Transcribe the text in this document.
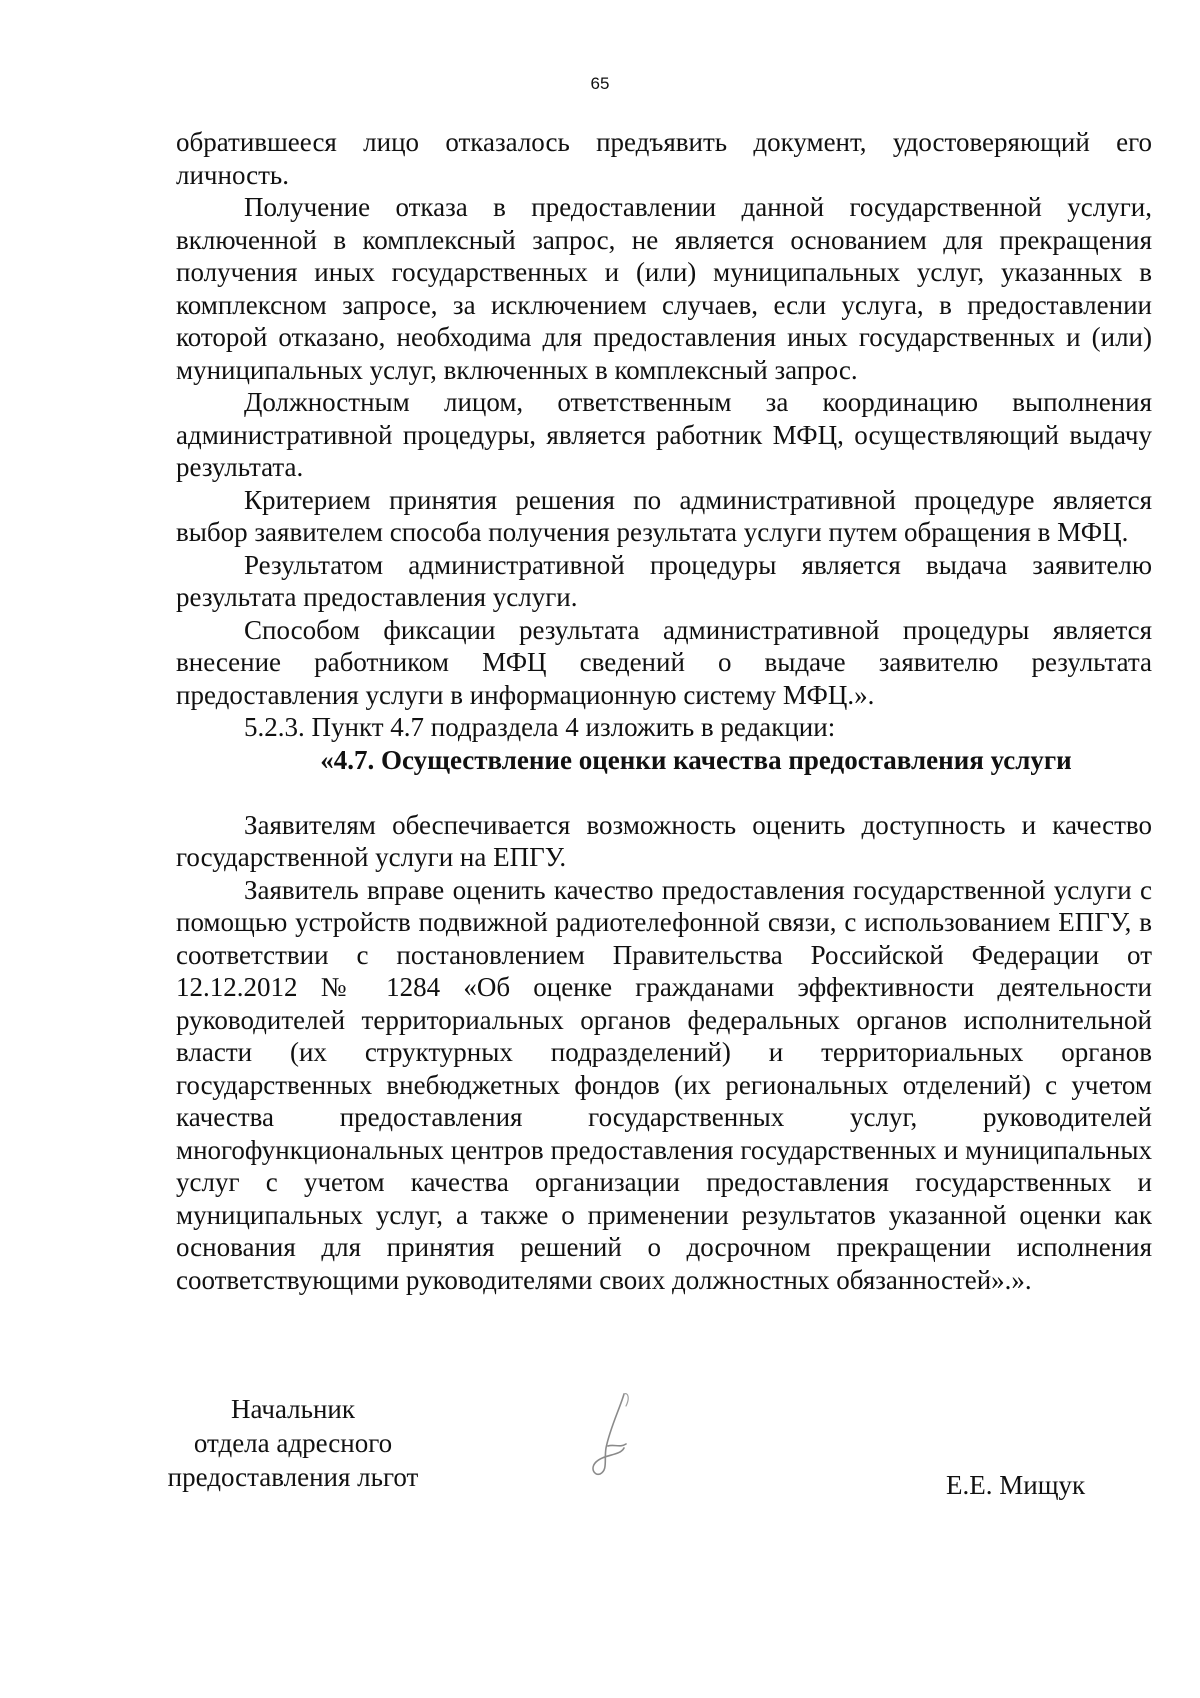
65

обратившееся лицо отказалось предъявить документ, удостоверяющий его личность.

Получение отказа в предоставлении данной государственной услуги, включенной в комплексный запрос, не является основанием для прекращения получения иных государственных и (или) муниципальных услуг, указанных в комплексном запросе, за исключением случаев, если услуга, в предоставлении которой отказано, необходима для предоставления иных государственных и (или) муниципальных услуг, включенных в комплексный запрос.

Должностным лицом, ответственным за координацию выполнения административной процедуры, является работник МФЦ, осуществляющий выдачу результата.

Критерием принятия решения по административной процедуре является выбор заявителем способа получения результата услуги путем обращения в МФЦ.

Результатом административной процедуры является выдача заявителю результата предоставления услуги.

Способом фиксации результата административной процедуры является внесение работником МФЦ сведений о выдаче заявителю результата предоставления услуги в информационную систему МФЦ.».

5.2.3. Пункт 4.7 подраздела 4 изложить в редакции:

«4.7. Осуществление оценки качества предоставления услуги

Заявителям обеспечивается возможность оценить доступность и качество государственной услуги на ЕПГУ.

Заявитель вправе оценить качество предоставления государственной услуги с помощью устройств подвижной радиотелефонной связи, с использованием ЕПГУ, в соответствии с постановлением Правительства Российской Федерации от 12.12.2012 № 1284 «Об оценке гражданами эффективности деятельности руководителей территориальных органов федеральных органов исполнительной власти (их структурных подразделений) и территориальных органов государственных внебюджетных фондов (их региональных отделений) с учетом качества предоставления государственных услуг, руководителей многофункциональных центров предоставления государственных и муниципальных услуг с учетом качества организации предоставления государственных и муниципальных услуг, а также о применении результатов указанной оценки как основания для принятия решений о досрочном прекращении исполнения соответствующими руководителями своих должностных обязанностей».».

Начальник
отдела адресного
предоставления льгот	Е.Е. Мищук
